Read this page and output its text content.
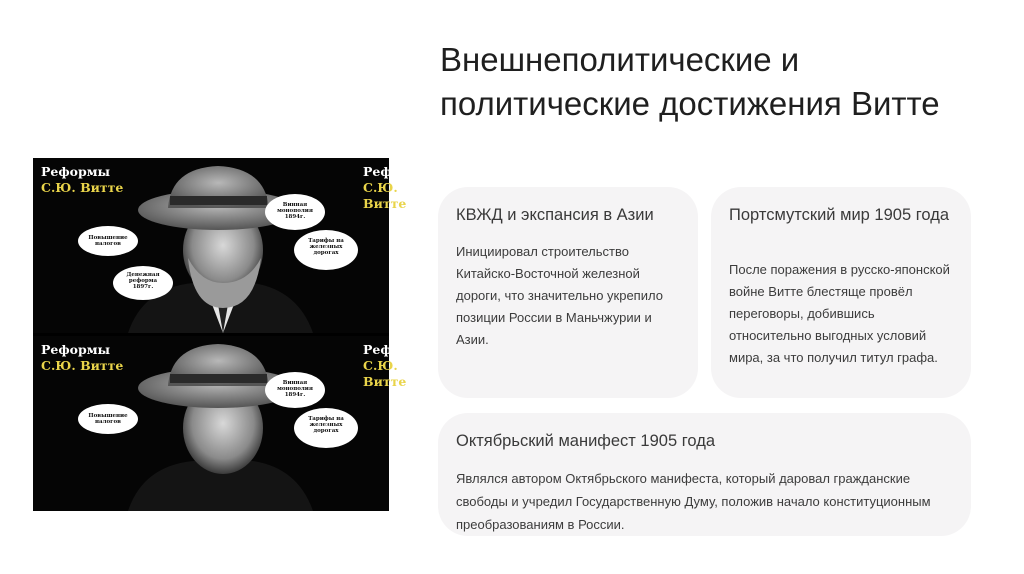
Внешнеполитические и
политические достижения Витте
Реформы
С.Ю. Витте
Реформы
С.Ю. Витте
Винная монополия 1894г.
Повышение налогов	Тарифы на железных дорогах
Денежная реформа 1897г.
Реформы
С.Ю. Витте
Реформы
С.Ю. Витте
Винная монополия 1894г.
Повышение налогов	Тарифы на железных дорогах
КВЖД и экспансия в Азии

Инициировал строительство Китайско-Восточной железной дороги, что значительно укрепило позиции России в Маньчжурии и Азии.

Портсмутский мир 1905 года

После поражения в русско-японской войне Витте блестяще провёл переговоры, добившись относительно выгодных условий мира, за что получил титул графа.

Октябрьский манифест 1905 года

Являлся автором Октябрьского манифеста, который даровал гражданские свободы и учредил Государственную Думу, положив начало конституционным преобразованиям в России.
